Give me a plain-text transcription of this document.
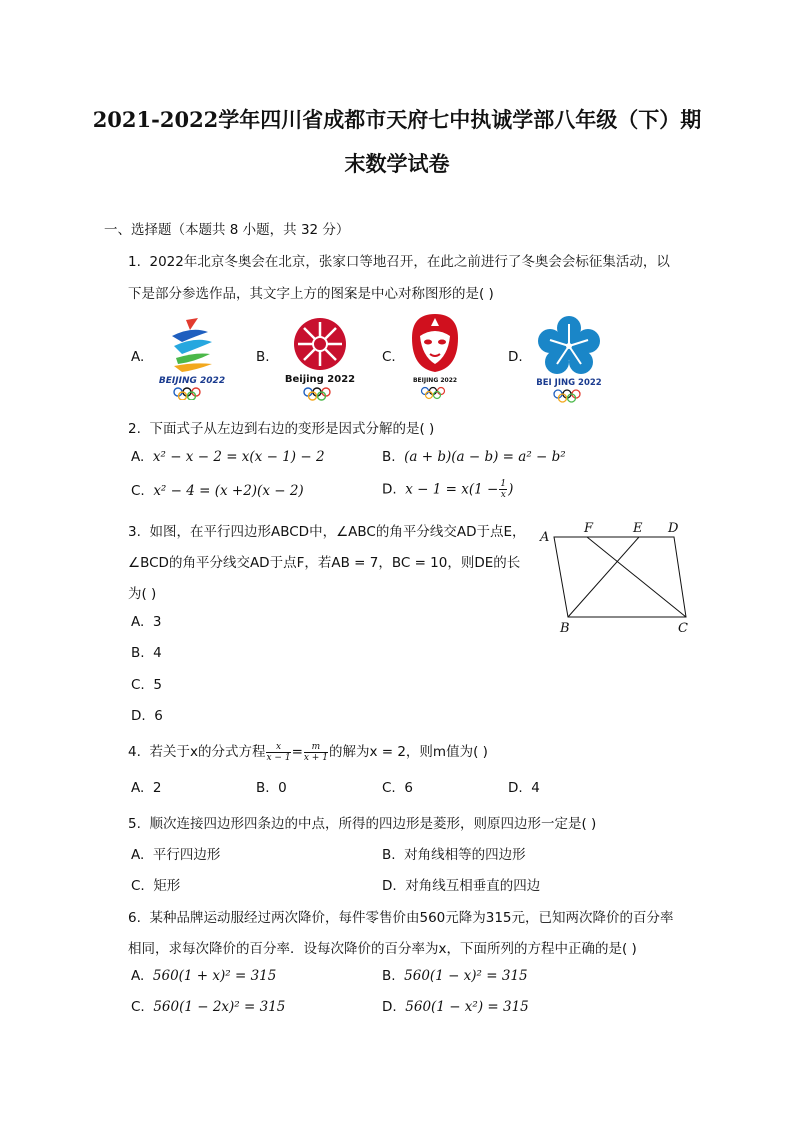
2021-2022学年四川省成都市天府七中执诚学部八年级（下）期
末数学试卷
一、选择题（本题共 8 小题，共 32 分）
1. 2022年北京冬奥会在北京，张家口等地召开，在此之前进行了冬奥会会标征集活动，以
下是部分参选作品，其文字上方的图案是中心对称图形的是( )
A.
BEIJING 2022
B.
Beijing 2022
C.
BEIJING 2022
D.
BEI JING 2022
2. 下面式子从左边到右边的变形是因式分解的是( )
A. x² − x − 2 = x(x − 1) − 2	B. (a + b)(a − b) = a² − b²
C. x² − 4 = (x +2)(x − 2)	D. $x - 1 = x(1 - \frac{1}{x}$ )
3. 如图，在平行四边形ABCD中，∠ABC的角平分线交AD于点E，
∠BCD的角平分线交AD于点F，若AB = 7，BC = 10，则DE的长
为( )
A. 3
B. 4
C. 5
D. 6
A
F	E D
B	C
4. 若关于x的分式方程 $\frac{x}{x - 1} = \frac{m}{x + 1}$ 的解为x = 2，则m值为( )
A. 2	B. 0	C. 6	D. 4
5. 顺次连接四边形四条边的中点，所得的四边形是菱形，则原四边形一定是( )
A. 平行四边形	B. 对角线相等的四边形
C. 矩形	D. 对角线互相垂直的四边
6. 某种品牌运动服经过两次降价，每件零售价由560元降为315元，已知两次降价的百分率
相同，求每次降价的百分率．设每次降价的百分率为x，下面所列的方程中正确的是( )
A. 560(1 + x)² = 315	B. 560(1 − x)² = 315
C. 560(1 − 2x)² = 315	D. 560(1 − x²) = 315
